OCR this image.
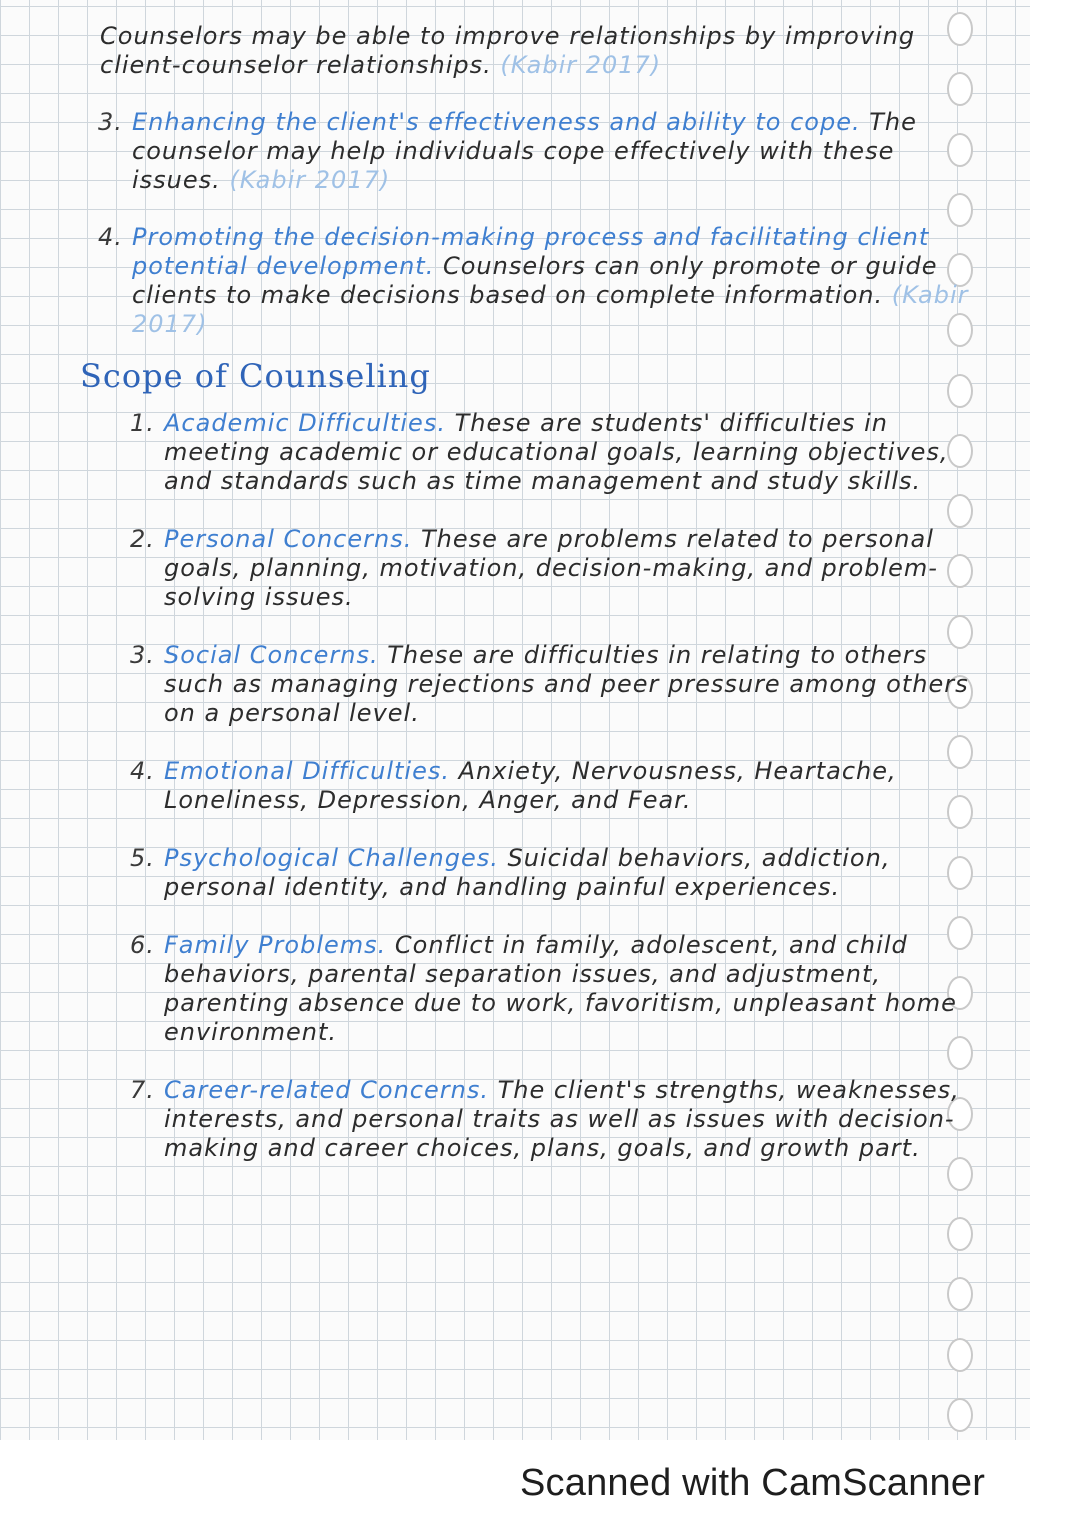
Counselors may be able to improve relationships by improving client-counselor relationships. (Kabir 2017)
3. Enhancing the client's effectiveness and ability to cope. The counselor may help individuals cope effectively with these issues. (Kabir 2017)
4. Promoting the decision-making process and facilitating client potential development. Counselors can only promote or guide clients to make decisions based on complete information. (Kabir 2017)
Scope of Counseling
1. Academic Difficulties. These are students' difficulties in meeting academic or educational goals, learning objectives, and standards such as time management and study skills.
2. Personal Concerns. These are problems related to personal goals, planning, motivation, decision-making, and problem-solving issues.
3. Social Concerns. These are difficulties in relating to others such as managing rejections and peer pressure among others on a personal level.
4. Emotional Difficulties. Anxiety, Nervousness, Heartache, Loneliness, Depression, Anger, and Fear.
5. Psychological Challenges. Suicidal behaviors, addiction, personal identity, and handling painful experiences.
6. Family Problems. Conflict in family, adolescent, and child behaviors, parental separation issues, and adjustment, parenting absence due to work, favoritism, unpleasant home environment.
7. Career-related Concerns. The client's strengths, weaknesses, interests, and personal traits as well as issues with decision-making and career choices, plans, goals, and growth part.
Scanned with CamScanner
